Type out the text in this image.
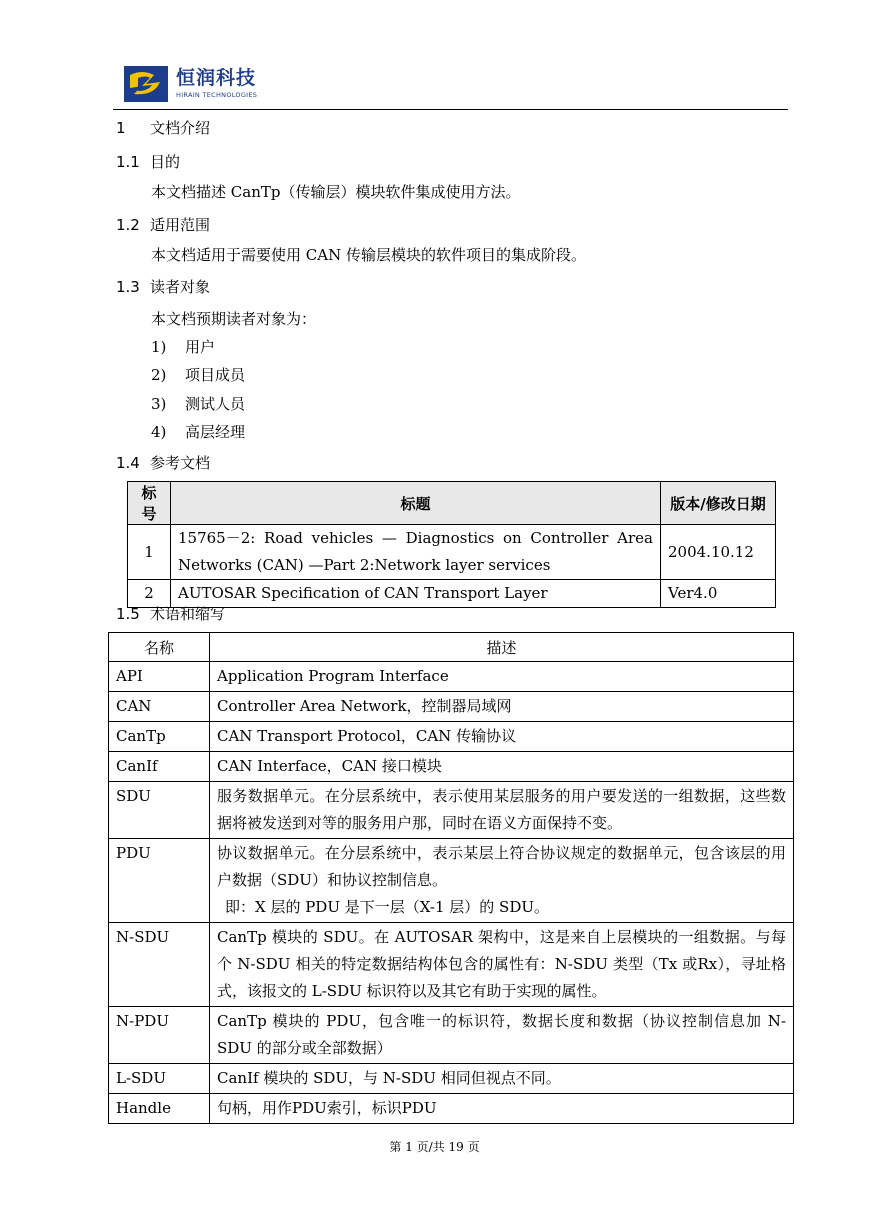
恒润科技
HIRAIN TECHNOLOGIES
1 文档介绍
1.1 目的
本文档描述 CanTp（传输层）模块软件集成使用方法。
1.2 适用范围
本文档适用于需要使用 CAN 传输层模块的软件项目的集成阶段。
1.3 读者对象
本文档预期读者对象为：
1) 用户
2) 项目成员
3) 测试人员
4) 高层经理
1.4 参考文档
标号	标题	版本/修改日期
1	15765－2: Road vehicles — Diagnostics on Controller Area
Networks (CAN) —Part 2:Network layer services	2004.10.12
2	AUTOSAR Specification of CAN Transport Layer	Ver4.0
1.5 术语和缩写
名称	描述
API	Application Program Interface
CAN	Controller Area Network，控制器局域网
CanTp	CAN Transport Protocol，CAN 传输协议
CanIf	CAN Interface，CAN 接口模块
SDU	服务数据单元。在分层系统中，表示使用某层服务的用户要发送的一组数据，这些数据将被发送到对等的服务用户那，同时在语义方面保持不变。
PDU	协议数据单元。在分层系统中，表示某层上符合协议规定的数据单元，包含该层的用户数据（SDU）和协议控制信息。
即：X 层的 PDU 是下一层（X-1 层）的 SDU。

N-SDU	CanTp 模块的 SDU。在 AUTOSAR 架构中，这是来自上层模块的一组数据。与每个 N-SDU 相关的特定数据结构体包含的属性有：N-SDU 类型（Tx 或Rx），寻址格式，该报文的 L-SDU 标识符以及其它有助于实现的属性。
N-PDU	CanTp 模块的 PDU，包含唯一的标识符，数据长度和数据（协议控制信息加 N-SDU 的部分或全部数据）
L-SDU	CanIf 模块的 SDU，与 N-SDU 相同但视点不同。
Handle	句柄，用作PDU索引，标识PDU
第 1 页/共 19 页
